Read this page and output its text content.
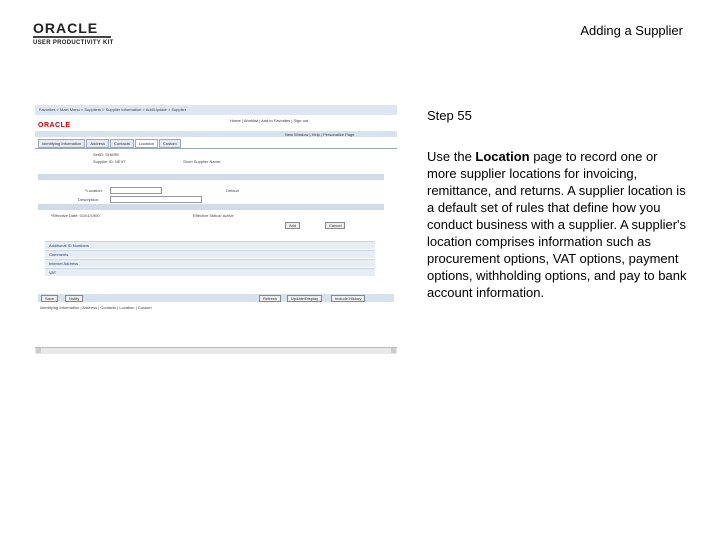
ORACLE
USER PRODUCTIVITY KIT
Adding a Supplier
Favorites > Main Menu > Suppliers > Supplier Information > Add/Update > Supplier
Home | Worklist | Add to Favorites | Sign out
ORACLE
New Window | Help | Personalize Page
Identifying Information	Address	Contacts	Location	Custom
SetID: SHARE
Supplier ID: NEXT	Short Supplier Name:
*Location:	Default
Description:
*Effective Date: 01/01/1900	Effective Status: Active
Add	Cancel
Additional ID Numbers
Comments
Internet Address
VAT
Save	Notify	Refresh	Update/Display	Include History
Identifying Information | Address | Contacts | Location | Custom
Step 55
Use the Location page to record one or more supplier locations for invoicing, remittance, and returns. A supplier location is a default set of rules that define how you conduct business with a supplier. A supplier's location comprises information such as procurement options, VAT options, payment options, withholding options, and pay to bank account information.
